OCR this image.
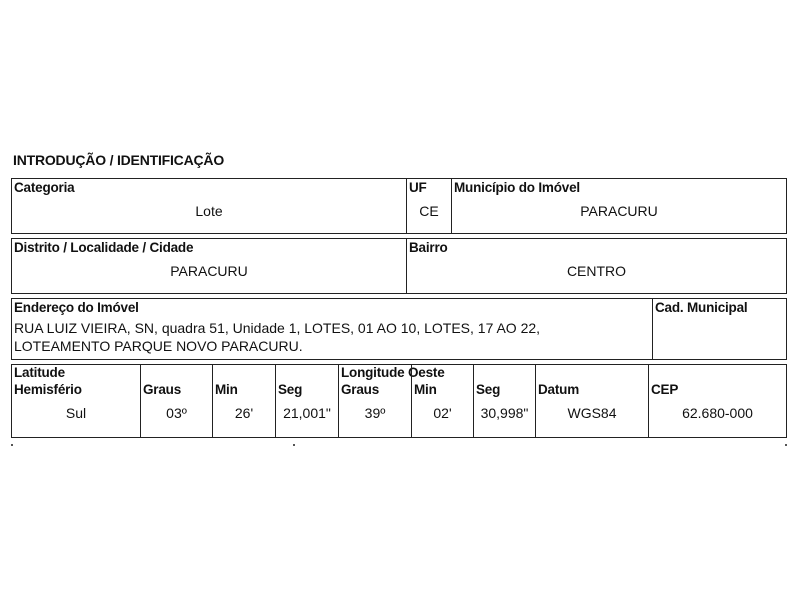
INTRODUÇÃO / IDENTIFICAÇÃO
Categoria
Lote
UF
CE
Município do Imóvel
PARACURU
Distrito / Localidade / Cidade
PARACURU
Bairro
CENTRO
Endereço do Imóvel
RUA LUIZ VIEIRA, SN, quadra 51, Unidade 1, LOTES, 01 AO 10, LOTES, 17 AO 22,
LOTEAMENTO PARQUE NOVO PARACURU.
Cad. Municipal
Latitude
Hemisfério
Sul
Graus
03º
Min
26'
Seg
21,001"
Longitude Oeste
Graus
39º
Min
02'
Seg
30,998"
Datum
WGS84
CEP
62.680-000
